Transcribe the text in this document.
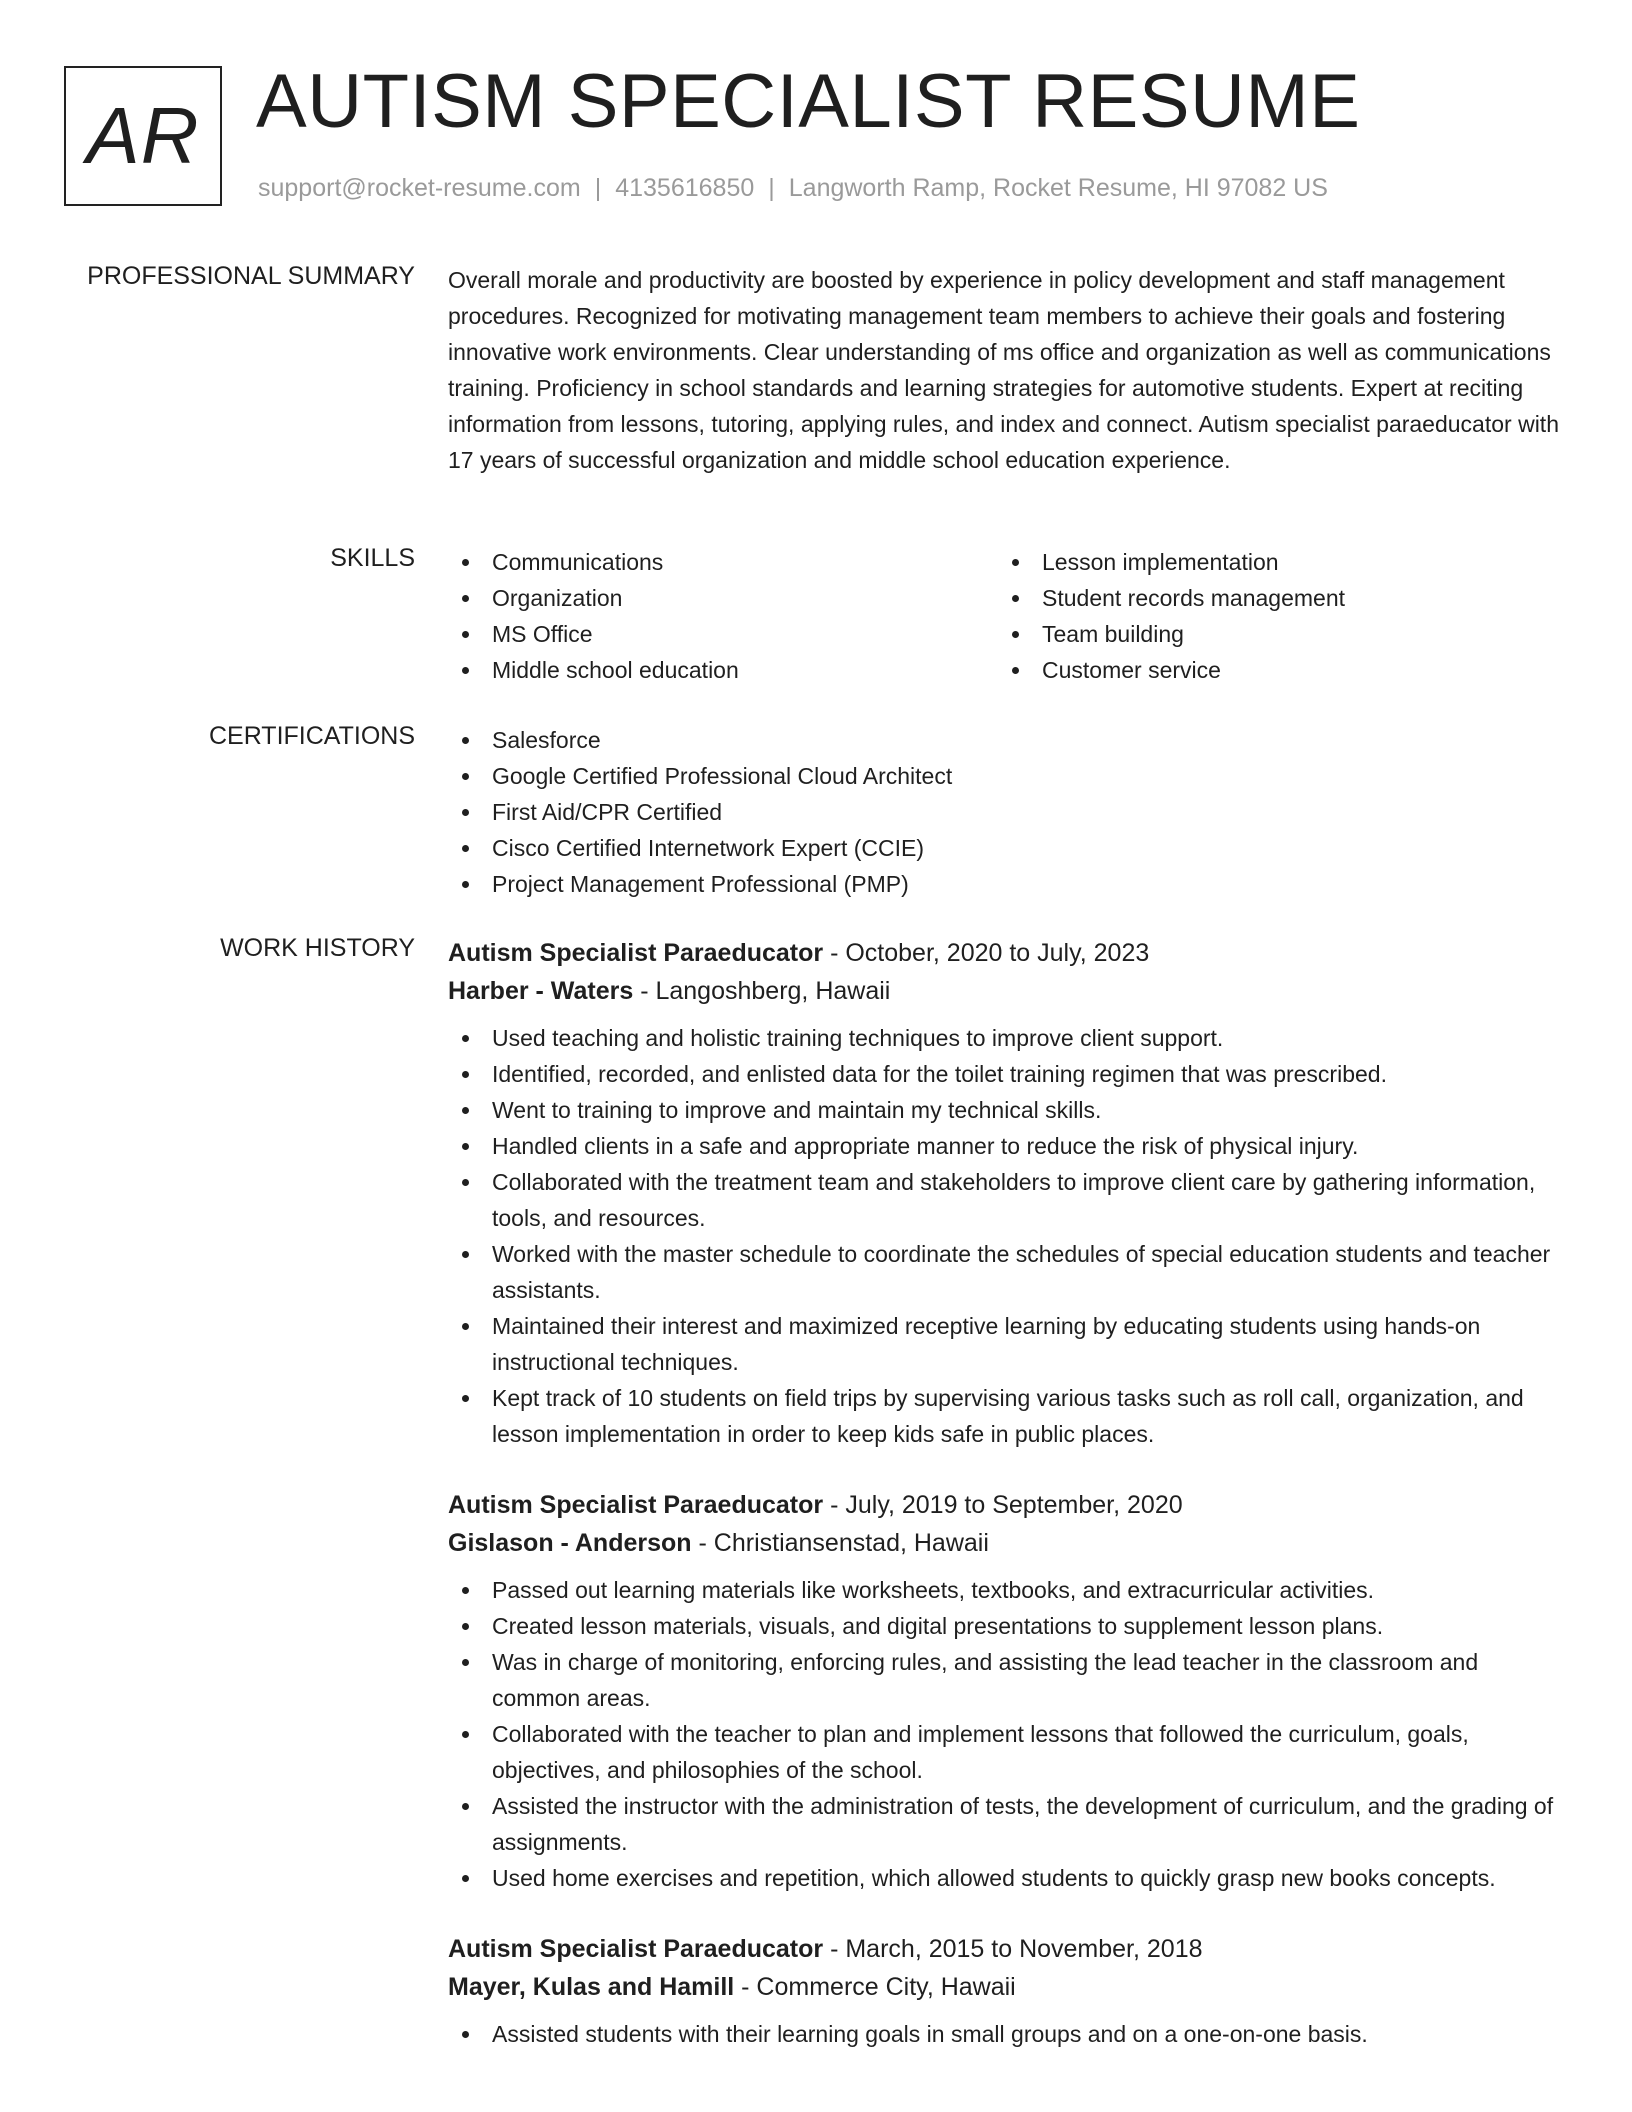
AR AUTISM SPECIALIST RESUME
support@rocket-resume.com | 4135616850 | Langworth Ramp, Rocket Resume, HI 97082 US
PROFESSIONAL SUMMARY Overall morale and productivity are boosted by experience in policy development and staff management procedures. Recognized for motivating management team members to achieve their goals and fostering innovative work environments. Clear understanding of ms office and organization as well as communications training. Proficiency in school standards and learning strategies for automotive students. Expert at reciting information from lessons, tutoring, applying rules, and index and connect. Autism specialist paraeducator with 17 years of successful organization and middle school education experience.

SKILLS	Communications
Organization
MS Office
Middle school education
Lesson implementation
Student records management
Team building
Customer service
CERTIFICATIONS	Salesforce
Google Certified Professional Cloud Architect
First Aid/CPR Certified
Cisco Certified Internetwork Expert (CCIE)
Project Management Professional (PMP)
WORK HISTORY Autism Specialist Paraeducator - October, 2020 to July, 2023
Harber - Waters - Langoshberg, Hawaii
Used teaching and holistic training techniques to improve client support.
Identified, recorded, and enlisted data for the toilet training regimen that was prescribed.
Went to training to improve and maintain my technical skills.
Handled clients in a safe and appropriate manner to reduce the risk of physical injury.
Collaborated with the treatment team and stakeholders to improve client care by gathering information, tools, and resources.
Worked with the master schedule to coordinate the schedules of special education students and teacher assistants.
Maintained their interest and maximized receptive learning by educating students using hands-on instructional techniques.
Kept track of 10 students on field trips by supervising various tasks such as roll call, organization, and lesson implementation in order to keep kids safe in public places.
Autism Specialist Paraeducator - July, 2019 to September, 2020
Gislason - Anderson - Christiansenstad, Hawaii
Passed out learning materials like worksheets, textbooks, and extracurricular activities.
Created lesson materials, visuals, and digital presentations to supplement lesson plans.
Was in charge of monitoring, enforcing rules, and assisting the lead teacher in the classroom and common areas.
Collaborated with the teacher to plan and implement lessons that followed the curriculum, goals, objectives, and philosophies of the school.
Assisted the instructor with the administration of tests, the development of curriculum, and the grading of assignments.
Used home exercises and repetition, which allowed students to quickly grasp new books concepts.
Autism Specialist Paraeducator - March, 2015 to November, 2018
Mayer, Kulas and Hamill - Commerce City, Hawaii
Assisted students with their learning goals in small groups and on a one-on-one basis.
